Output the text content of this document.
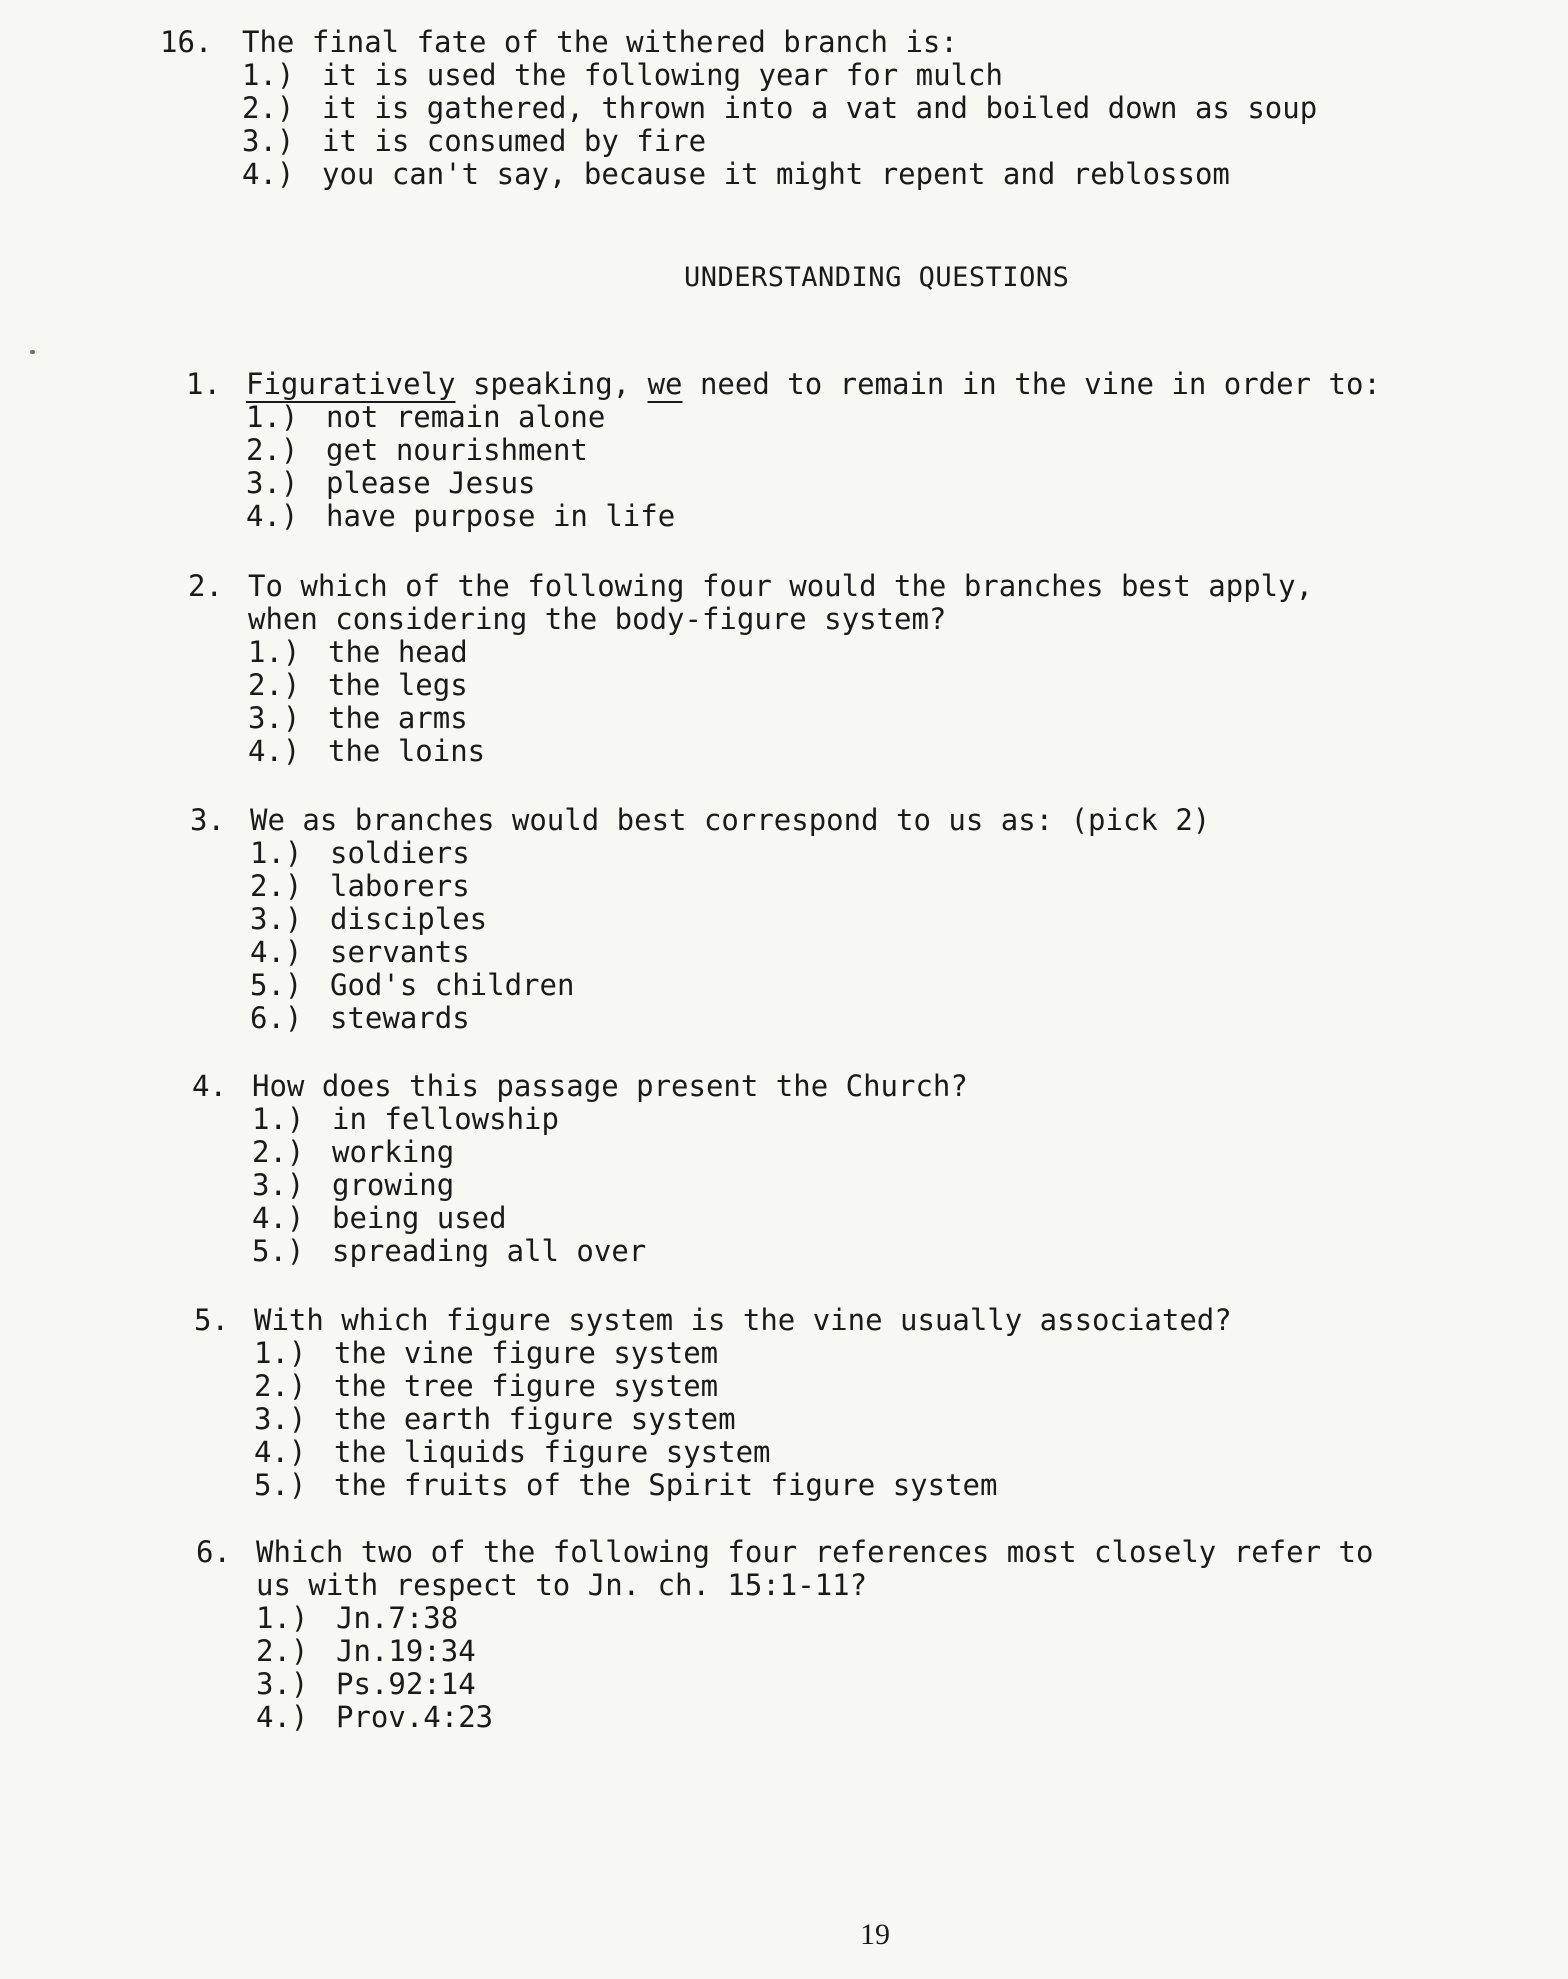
16. The final fate of the withered branch is:
1.) it is used the following year for mulch
2.) it is gathered, thrown into a vat and boiled down as soup
3.) it is consumed by fire
4.) you can't say, because it might repent and reblossom
UNDERSTANDING QUESTIONS
1. Figuratively speaking, we need to remain in the vine in order to:
1.) not remain alone
2.) get nourishment
3.) please Jesus
4.) have purpose in life
2. To which of the following four would the branches best apply,
when considering the body-figure system?
1.) the head
2.) the legs
3.) the arms
4.) the loins
3. We as branches would best correspond to us as: (pick 2)
1.) soldiers
2.) laborers
3.) disciples
4.) servants
5.) God's children
6.) stewards
4. How does this passage present the Church?
1.) in fellowship
2.) working
3.) growing
4.) being used
5.) spreading all over
5. With which figure system is the vine usually associated?
1.) the vine figure system
2.) the tree figure system
3.) the earth figure system
4.) the liquids figure system
5.) the fruits of the Spirit figure system
6. Which two of the following four references most closely refer to
us with respect to Jn. ch. 15:1-11?
1.) Jn.7:38
2.) Jn.19:34
3.) Ps.92:14
4.) Prov.4:23
19
